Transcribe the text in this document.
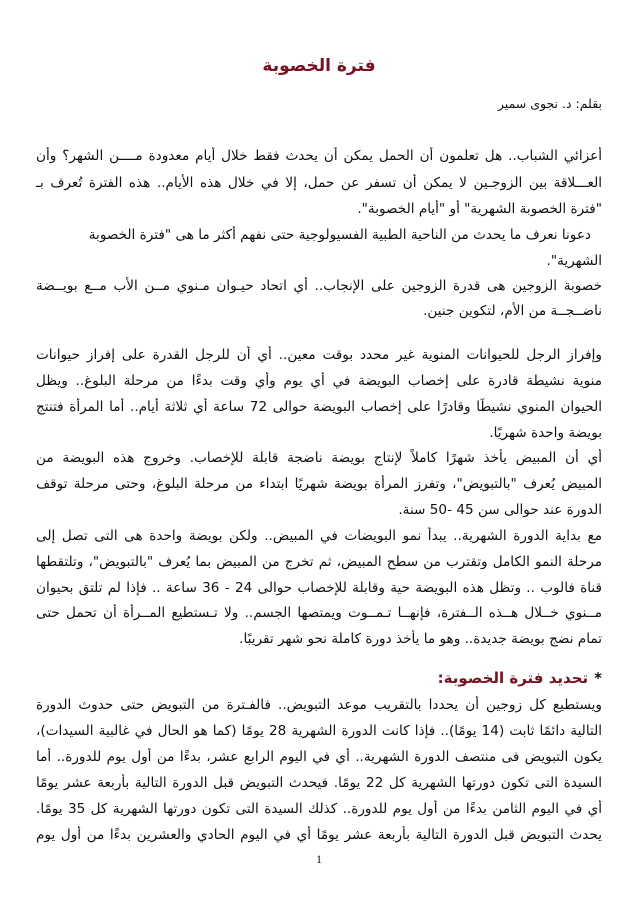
فترة الخصوبة
بقلم: د. نجوى سمير
أعزائي الشباب.. هل تعلمون أن الحمل يمكن أن يحدث فقط خلال أيام معدودة مــــن الشهر؟ وأن
العـــلاقة بين الزوجـين لا يمكن أن تسفر عن حمل، إلا في خلال هذه الأيام.. هذه الفترة تُعرف بـ
"فترة الخصوبة الشهرية" أو "أيام الخصوبة".
دعونا نعرف ما يحدث من الناحية الطبية الفسيولوجية حتى نفهم أكثر ما هى "فترة الخصوبة
الشهرية".
خصوبة الزوجين هى قدرة الزوجين على الإنجاب.. أي اتحاد حيـوان مـنوي مــن الأب مــع بويــضة
ناضــجــة من الأم، لتكوين جنين.
وإفراز الرجل للحيوانات المنوية غير محدد بوقت معين.. أي أن للرجل القدرة على إفراز حيوانات
منوية نشيطة قادرة على إخصاب البويضة في أي يوم وأي وقت بدءًا من مرحلة البلوغ.. ويظل
الحيوان المنوي نشيطًا وقادرًا على إخصاب البويضة حوالى 72 ساعة أي ثلاثة أيام.. أما المرأة فتنتج
بويضة واحدة شهريًا.
أي أن المبيض يأخذ شهرًا كاملاً لإنتاج بويضة ناضجة قابلة للإخصاب. وخروج هذه البويضة من
المبيض يُعرف "بالتبويض"، وتفرز المرأة بويضة شهريًا ابتداء من مرحلة البلوغ، وحتى مرحلة توقف
الدورة عند حوالى سن 45 -50 سنة.
مع بداية الدورة الشهرية.. يبدأ نمو البويضات في المبيض.. ولكن بويضة واحدة هى التى تصل إلى
مرحلة النمو الكامل وتقترب من سطح المبيض، ثم تخرج من المبيض بما يُعرف "بالتبويض"، وتلتقطها
قناة فالوب .. وتظل هذه البويضة حية وقابلة للإخصاب حوالى 24 - 36 ساعة .. فإذا لم تلتق بحيوان
مــنوي خــلال هــذه الــفترة، فإنهــا تـمــوت ويمتصها الجسم.. ولا تـستطيع المــرأة أن تحمل حتى
تمام نضج بويضة جديدة.. وهو ما يأخذ دورة كاملة نحو شهر تقريبًا.
*تحديد فترة الخصوبة:
ويستطيع كل زوجين أن يحددا بالتقريب موعد التبويض.. فالفـترة من التبويض حتى حدوث الدورة
التالية دائمًا ثابت (14 يومًا).. فإذا كانت الدورة الشهرية 28 يومًا (كما هو الحال في غالبية السيدات)،
يكون التبويض فى منتصف الدورة الشهرية.. أي في اليوم الرابع عشر، بدءًا من أول يوم للدورة.. أما
السيدة التى تكون دورتها الشهرية كل 22 يومًا. فيحدث التبويض قبل الدورة التالية بأربعة عشر يومًا
أي في اليوم الثامن بدءًا من أول يوم للدورة.. كذلك السيدة التى تكون دورتها الشهرية كل 35 يومًا.
يحدث التبويض قبل الدورة التالية بأربعة عشر يومًا أي في اليوم الحادي والعشرين بدءًا من أول يوم
1
